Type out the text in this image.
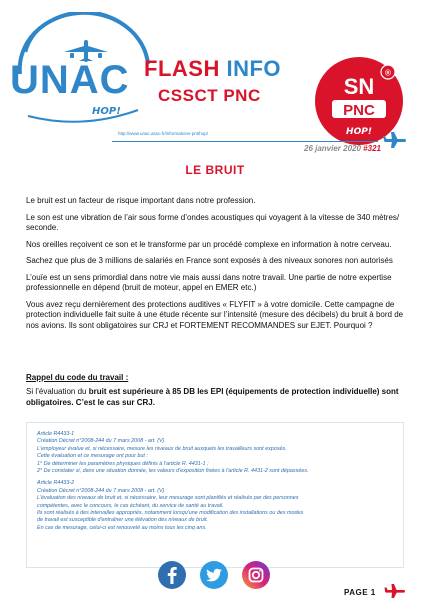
UNAC
HOP!
FLASH INFO
CSSCT PNC
®
SN
PNC
HOP!
http://www.unac.asso.fr/informations-pnt/hop/
26 janvier 2020 #321
LE BRUIT

Le bruit est un facteur de risque important dans notre profession.

Le son est une vibration de l’air sous forme d’ondes acoustiques qui voyagent à la vitesse de 340 mètres/ seconde.

Nos oreilles reçoivent ce son et le transforme par un procédé complexe en information à notre cerveau.

Sachez que plus de 3 millions de salariés en France sont exposés à des niveaux sonores non autorisés

L’ouïe est un sens primordial dans notre vie mais aussi dans notre travail. Une partie de notre expertise professionnelle en dépend (bruit de moteur, appel en EMER etc.)

Vous avez reçu dernièrement des protections auditives « FLYFIT » à votre domicile. Cette campagne de protection individuelle fait suite à une étude récente sur l’intensité (mesure des décibels) du bruit à bord de nos avions. Ils sont obligatoires sur CRJ et FORTEMENT RECOMMANDES sur EJET. Pourquoi ?

Rappel du code du travail :
Si l’évaluation du bruit est supérieure à 85 DB les EPI (équipements de protection individuelle) sont obligatoires. C’est le cas sur CRJ.
Article R4433-1
Création Décret n°2008-244 du 7 mars 2008 - art. (V)
L'employeur évalue et, si nécessaire, mesure les niveaux de bruit auxquels les travailleurs sont exposés.
Cette évaluation et ce mesurage ont pour but :
1° De déterminer les paramètres physiques définis à l'article R. 4431-1 ;
2° De constater si, dans une situation donnée, les valeurs d'exposition fixées à l'article R. 4431-2 sont dépassées.
Article R4433-2
Création Décret n°2008-244 du 7 mars 2008 - art. (V)
L'évaluation des niveaux de bruit et, si nécessaire, leur mesurage sont planifiés et réalisés par des personnes
compétentes, avec le concours, le cas échéant, du service de santé au travail.
Ils sont réalisés à des intervalles appropriés, notamment lorsqu'une modification des installations ou des modes
de travail est susceptible d'entraîner une élévation des niveaux de bruit.
En cas de mesurage, celui-ci est renouvelé au moins tous les cinq ans.
PAGE 1
